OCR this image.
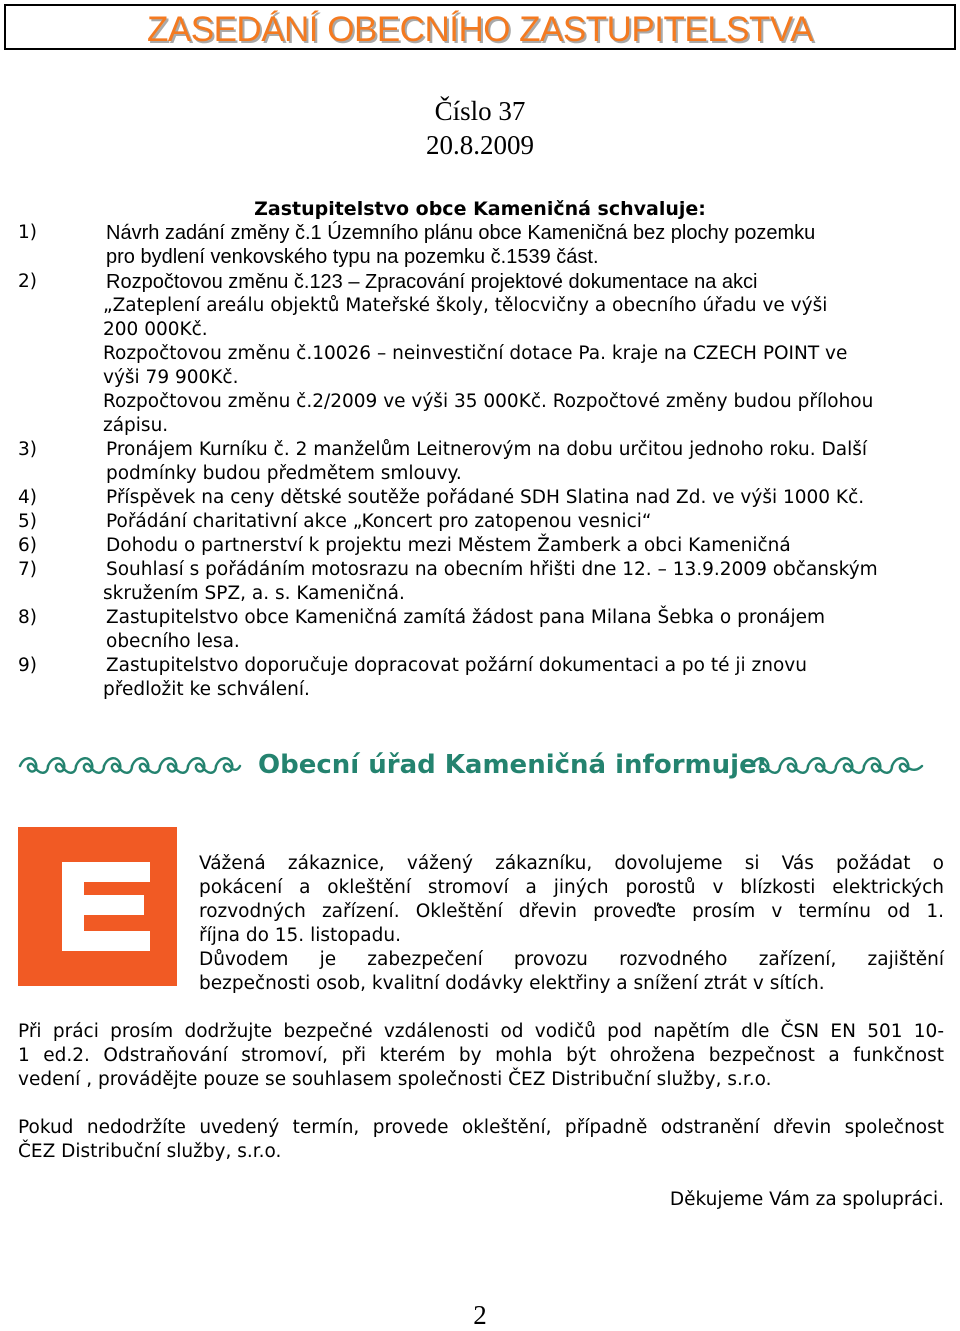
ZASEDÁNÍ OBECNÍHO ZASTUPITELSTVA
Číslo 37
20.8.2009
Zastupitelstvo obce Kameničná schvaluje:
1)	Návrh zadání změny č.1 Územního plánu obce Kameničná bez plochy pozemku
pro bydlení venkovského typu na pozemku č.1539 část.
2)	Rozpočtovou změnu č.123 – Zpracování projektové dokumentace na akci
„Zateplení areálu objektů Mateřské školy, tělocvičny a obecního úřadu ve výši
200 000Kč.
Rozpočtovou změnu č.10026 – neinvestiční dotace Pa. kraje na CZECH POINT ve
výši 79 900Kč.
Rozpočtovou změnu č.2/2009 ve výši 35 000Kč. Rozpočtové změny budou přílohou
zápisu.
3)	Pronájem Kurníku č. 2 manželům Leitnerovým na dobu určitou jednoho roku. Další
podmínky budou předmětem smlouvy.
4)	Příspěvek na ceny dětské soutěže pořádané SDH Slatina nad Zd. ve výši 1000 Kč.
5)	Pořádání charitativní akce „Koncert pro zatopenou vesnici“
6)	Dohodu o partnerství k projektu mezi Městem Žamberk a obci Kameničná
7)	Souhlasí s pořádáním motosrazu na obecním hřišti dne 12. – 13.9.2009 občanským
skružením SPZ, a. s. Kameničná.
8)	Zastupitelstvo obce Kameničná zamítá žádost pana Milana Šebka o pronájem
obecního lesa.
9)	Zastupitelstvo doporučuje dopracovat požární dokumentaci a po té ji znovu
předložit ke schválení.
Obecní úřad Kameničná informuje:
Vážená zákaznice, vážený zákazníku, dovolujeme si Vás požádat o
pokácení a okleštění stromoví a jiných porostů v blízkosti elektrických
rozvodných zařízení. Okleštění dřevin proveďte prosím v termínu od 1.
října do 15. listopadu.
Důvodem je zabezpečení provozu rozvodného zařízení, zajištění
bezpečnosti osob, kvalitní dodávky elektřiny a snížení ztrát v sítích.
Při práci prosím dodržujte bezpečné vzdálenosti od vodičů pod napětím dle ČSN EN 501 10-
1 ed.2. Odstraňování stromoví, při kterém by mohla být ohrožena bezpečnost a funkčnost
vedení , provádějte pouze se souhlasem společnosti ČEZ Distribuční služby, s.r.o.
Pokud nedodržíte uvedený termín, provede okleštění, případně odstranění dřevin společnost
ČEZ Distribuční služby, s.r.o.
Děkujeme Vám za spolupráci.
2
